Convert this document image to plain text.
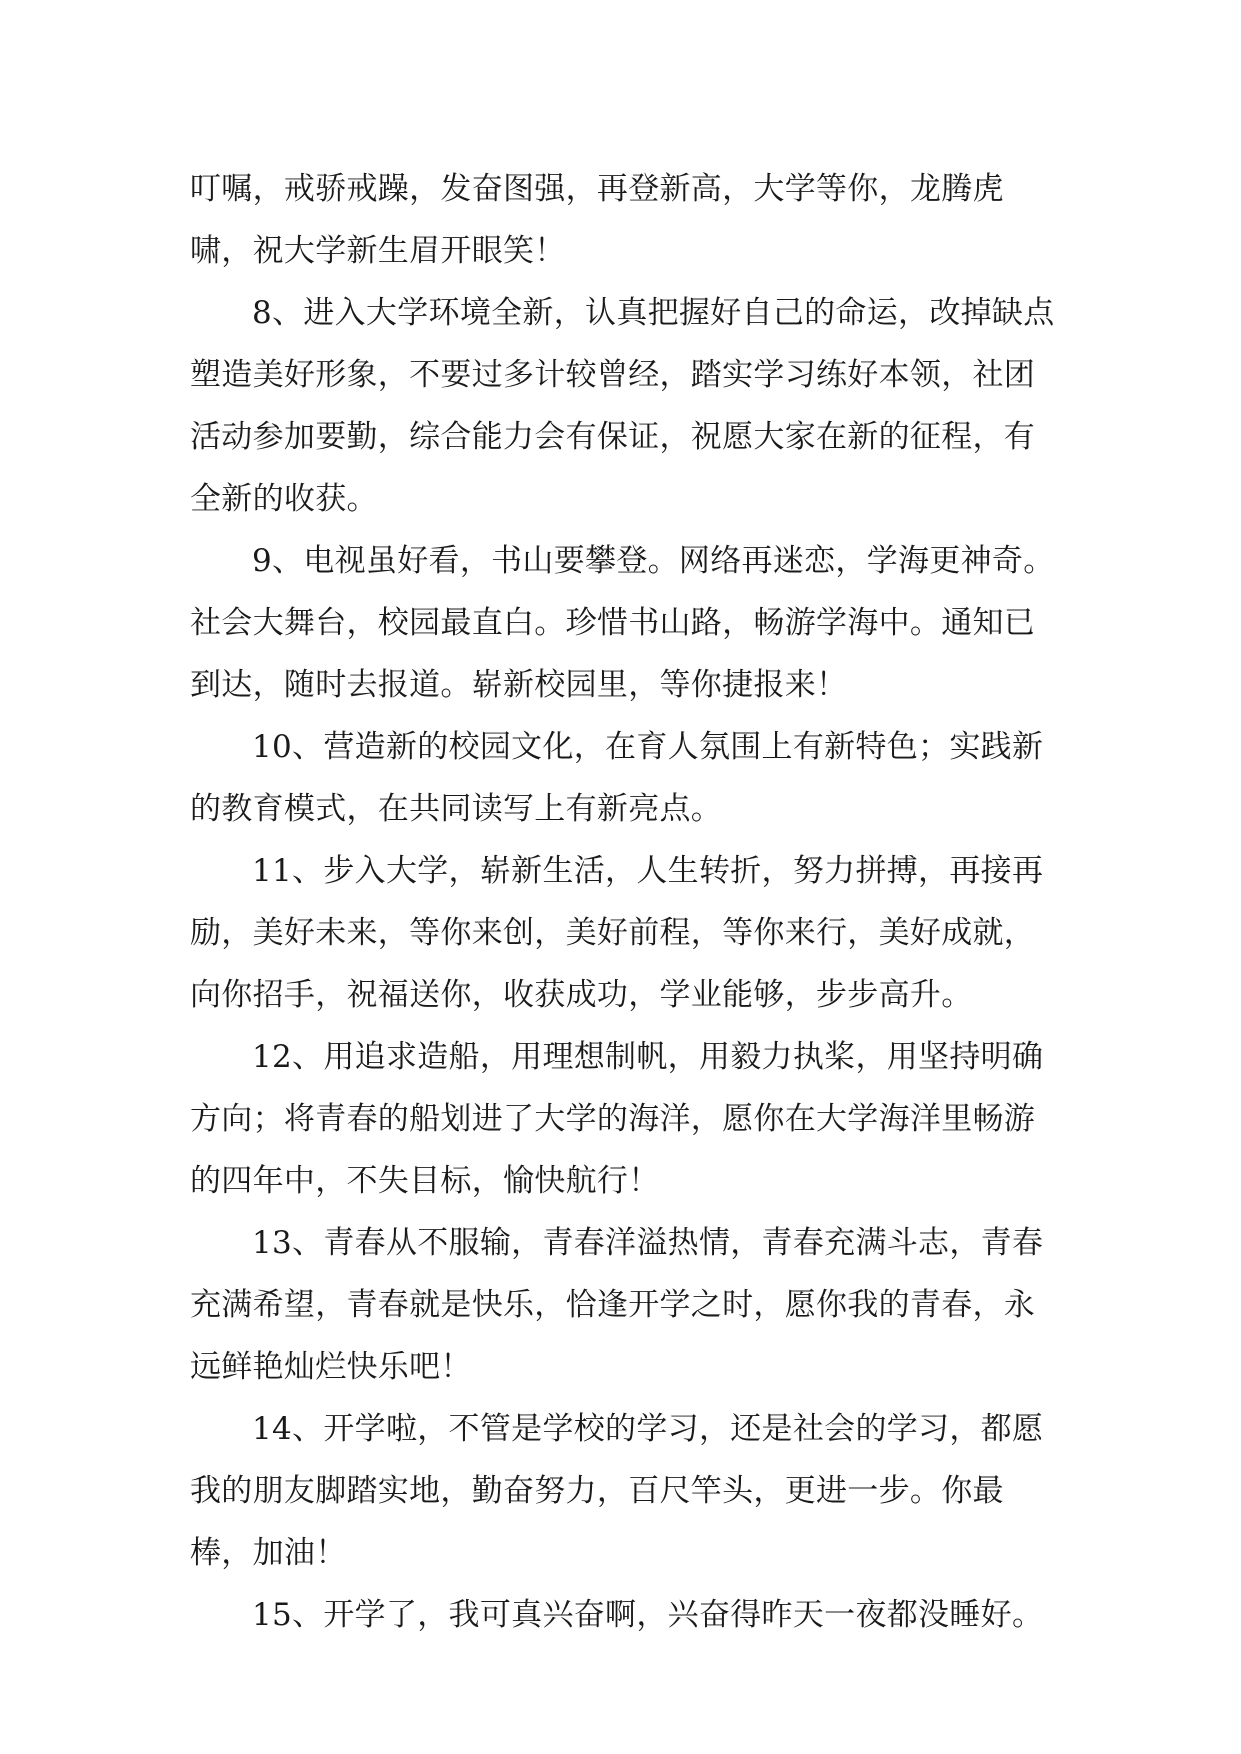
叮嘱，戒骄戒躁，发奋图强，再登新高，大学等你，龙腾虎啸，祝大学新生眉开眼笑！

8、进入大学环境全新，认真把握好自己的命运，改掉缺点塑造美好形象，不要过多计较曾经，踏实学习练好本领，社团活动参加要勤，综合能力会有保证，祝愿大家在新的征程，有全新的收获。

9、电视虽好看，书山要攀登。网络再迷恋，学海更神奇。社会大舞台，校园最直白。珍惜书山路，畅游学海中。通知已到达，随时去报道。崭新校园里，等你捷报来！

10、营造新的校园文化，在育人氛围上有新特色；实践新的教育模式，在共同读写上有新亮点。

11、步入大学，崭新生活，人生转折，努力拼搏，再接再励，美好未来，等你来创，美好前程，等你来行，美好成就，向你招手，祝福送你，收获成功，学业能够，步步高升。

12、用追求造船，用理想制帆，用毅力执桨，用坚持明确方向；将青春的船划进了大学的海洋，愿你在大学海洋里畅游的四年中，不失目标，愉快航行！

13、青春从不服输，青春洋溢热情，青春充满斗志，青春充满希望，青春就是快乐，恰逢开学之时，愿你我的青春，永远鲜艳灿烂快乐吧！

14、开学啦，不管是学校的学习，还是社会的学习，都愿我的朋友脚踏实地，勤奋努力，百尺竿头，更进一步。你最棒，加油！

15、开学了，我可真兴奋啊，兴奋得昨天一夜都没睡好。
